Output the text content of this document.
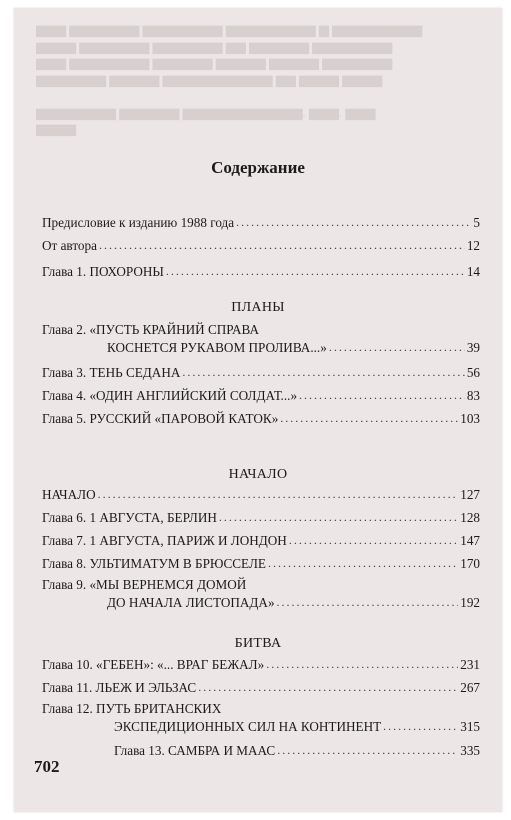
▆▆▆ ▆▆▆▆▆▆▆ ▆▆▆▆▆▆▆▆ ▆▆▆▆▆▆▆▆▆ ▆ ▆▆▆▆▆▆▆▆▆
▆▆▆▆ ▆▆▆▆▆▆▆ ▆▆▆▆▆▆▆ ▆▆ ▆▆▆▆▆▆ ▆▆▆▆▆▆▆▆
▆▆▆ ▆▆▆▆▆▆▆▆ ▆▆▆▆▆▆ ▆▆▆▆▆ ▆▆▆▆▆ ▆▆▆▆▆▆▆
▆▆▆▆▆▆▆ ▆▆▆▆▆ ▆▆▆▆▆▆▆▆▆▆▆ ▆▆ ▆▆▆▆ ▆▆▆▆

▆▆▆▆▆▆▆▆ ▆▆▆▆▆▆ ▆▆▆▆▆▆▆▆▆▆▆▆. ▆▆▆. ▆▆▆
▆▆▆▆

Содержание
Предисловие к изданию 1988 года .....	5
От автора .....	12
Глава 1. ПОХОРОНЫ .....	14
ПЛАНЫ
Глава 2. «ПУСТЬ КРАЙНИЙ СПРАВА
КОСНЕТСЯ РУКАВОМ ПРОЛИВА...» .....	39
Глава 3. ТЕНЬ СЕДАНА .....	56
Глава 4. «ОДИН АНГЛИЙСКИЙ СОЛДАТ...» .....	83
Глава 5. РУССКИЙ «ПАРОВОЙ КАТОК» .....	103
НАЧАЛО
НАЧАЛО .....	127
Глава 6. 1 АВГУСТА, БЕРЛИН .....	128
Глава 7. 1 АВГУСТА, ПАРИЖ И ЛОНДОН .....	147
Глава 8. УЛЬТИМАТУМ В БРЮССЕЛЕ .....	170
Глава 9. «МЫ ВЕРНЕМСЯ ДОМОЙ
ДО НАЧАЛА ЛИСТОПАДА» .....	192
БИТВА
Глава 10. «ГЕБЕН»: «... ВРАГ БЕЖАЛ» .....	231
Глава 11. ЛЬЕЖ И ЭЛЬЗАС .....	267
Глава 12. ПУТЬ БРИТАНСКИХ
ЭКСПЕДИЦИОННЫХ СИЛ НА КОНТИНЕНТ .....	315
Глава 13. САМБРА И МААС .....	335
702
